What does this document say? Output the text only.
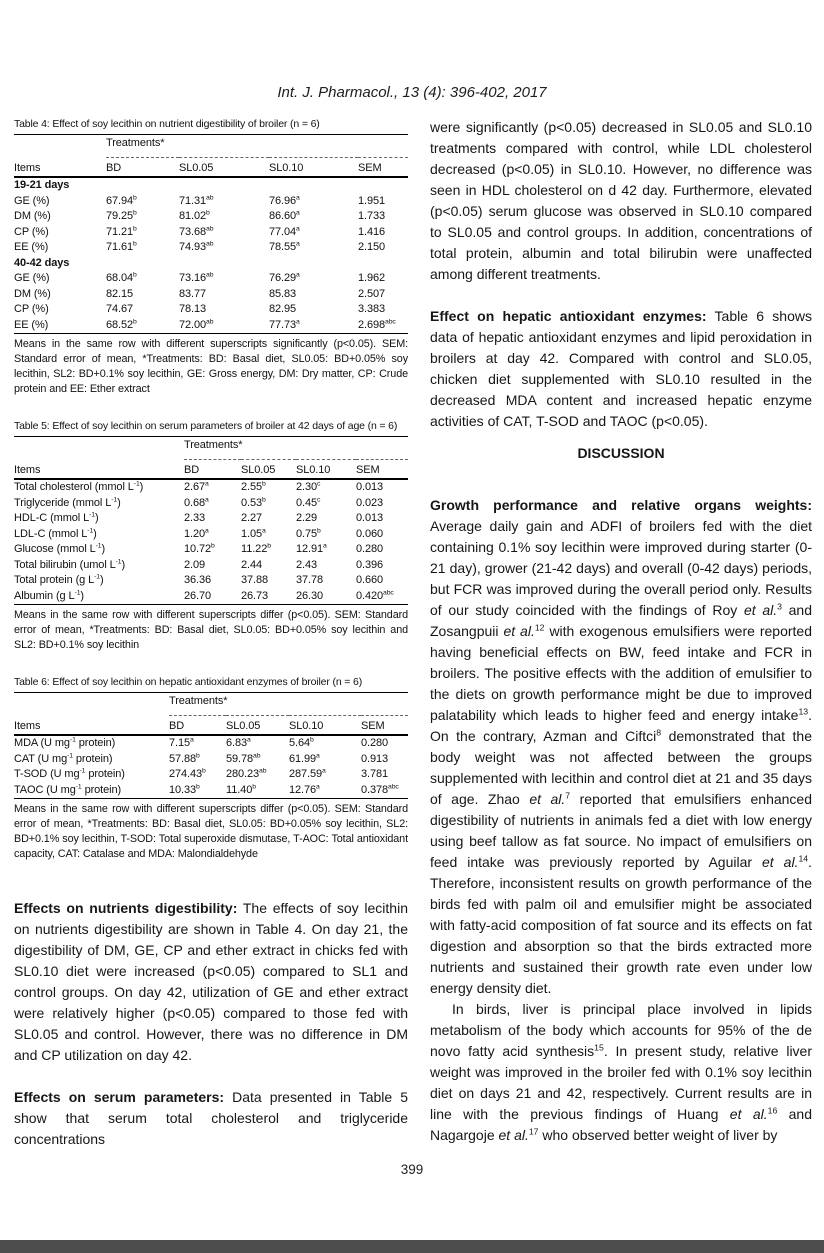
Int. J. Pharmacol., 13 (4): 396-402, 2017
Table 4: Effect of soy lecithin on nutrient digestibility of broiler (n = 6)
	Treatments*			
Items	BD	SL0.05	SL0.10	SEM
19-21 days				
GE (%)	67.94$^b$	71.31$^{ab}$	76.96$^a$	1.951
DM (%)	79.25$^b$	81.02$^b$	86.60$^a$	1.733
CP (%)	71.21$^b$	73.68$^{ab}$	77.04$^a$	1.416
EE (%)	71.61$^b$	74.93$^{ab}$	78.55$^a$	2.150
40-42 days				
GE (%)	68.04$^b$	73.16$^{ab}$	76.29$^a$	1.962
DM (%)	82.15	83.77	85.83	2.507
CP (%)	74.67	78.13	82.95	3.383
EE (%)	68.52$^b$	72.00$^{ab}$	77.73$^a$	2.698$^{abc}$
Means in the same row with different superscripts significantly (p<0.05). SEM: Standard error of mean, *Treatments: BD: Basal diet, SL0.05: BD+0.05% soy lecithin, SL2: BD+0.1% soy lecithin, GE: Gross energy, DM: Dry matter, CP: Crude protein and EE: Ether extract
Table 5: Effect of soy lecithin on serum parameters of broiler at 42 days of age (n = 6)
	Treatments*			
Items	BD	SL0.05	SL0.10	SEM
Total cholesterol (mmol $L^{-1}$)	2.67$^a$	2.55$^b$	2.30$^c$	0.013
Triglyceride (mmol $L^{-1}$)	0.68$^a$	0.53$^b$	0.45$^c$	0.023
HDL-C (mmol $L^{-1}$)	2.33	2.27	2.29	0.013
LDL-C (mmol $L^{-1}$)	1.20$^a$	1.05$^a$	0.75$^b$	0.060
Glucose (mmol $L^{-1}$)	10.72$^b$	11.22$^b$	12.91$^a$	0.280
Total bilirubin (umol $L^{-1}$)	2.09	2.44	2.43	0.396
Total protein (g $L^{-1}$)	36.36	37.88	37.78	0.660
Albumin (g $L^{-1}$)	26.70	26.73	26.30	0.420$^{abc}$
Means in the same row with different superscripts differ (p<0.05). SEM: Standard error of mean, *Treatments: BD: Basal diet, SL0.05: BD+0.05% soy lecithin and SL2: BD+0.1% soy lecithin
Table 6: Effect of soy lecithin on hepatic antioxidant enzymes of broiler (n = 6)
	Treatments*			
Items	BD	SL0.05	SL0.10	SEM
MDA (U $mg^{-1}$ protein)	7.15$^a$	6.83$^a$	5.64$^b$	0.280
CAT (U $mg^{-1}$ protein)	57.88$^b$	59.78$^{ab}$	61.99$^a$	0.913
T-SOD (U $mg^{-1}$ protein)	274.43$^b$	280.23$^{ab}$	287.59$^a$	3.781
TAOC (U $mg^{-1}$ protein)	10.33$^b$	11.40$^b$	12.76$^a$	0.378$^{abc}$
Means in the same row with different superscripts differ (p<0.05). SEM: Standard error of mean, *Treatments: BD: Basal diet, SL0.05: BD+0.05% soy lecithin, SL2: BD+0.1% soy lecithin, T-SOD: Total superoxide dismutase, T-AOC: Total antioxidant capacity, CAT: Catalase and MDA: Malondialdehyde

Effects on nutrients digestibility: The effects of soy lecithin on nutrients digestibility are shown in Table 4. On day 21, the digestibility of DM, GE, CP and ether extract in chicks fed with SL0.10 diet were increased (p<0.05) compared to SL1 and control groups. On day 42, utilization of GE and ether extract were relatively higher (p<0.05) compared to those fed with SL0.05 and control. However, there was no difference in DM and CP utilization on day 42.

Effects on serum parameters: Data presented in Table 5 show that serum total cholesterol and triglyceride concentrations

were significantly (p<0.05) decreased in SL0.05 and SL0.10 treatments compared with control, while LDL cholesterol decreased (p<0.05) in SL0.10. However, no difference was seen in HDL cholesterol on d 42 day. Furthermore, elevated (p<0.05) serum glucose was observed in SL0.10 compared to SL0.05 and control groups. In addition, concentrations of total protein, albumin and total bilirubin were unaffected among different treatments.

Effect on hepatic antioxidant enzymes: Table 6 shows data of hepatic antioxidant enzymes and lipid peroxidation in broilers at day 42. Compared with control and SL0.05, chicken diet supplemented with SL0.10 resulted in the decreased MDA content and increased hepatic enzyme activities of CAT, T-SOD and TAOC (p<0.05).

DISCUSSION

Growth performance and relative organs weights: Average daily gain and ADFI of broilers fed with the diet containing 0.1% soy lecithin were improved during starter (0-21 day), grower (21-42 days) and overall (0-42 days) periods, but FCR was improved during the overall period only. Results of our study coincided with the findings of Roy et al.$^3$ and Zosangpuii et al.$^{12}$ with exogenous emulsifiers were reported having beneficial effects on BW, feed intake and FCR in broilers. The positive effects with the addition of emulsifier to the diets on growth performance might be due to improved palatability which leads to higher feed and energy intake$^{13}$. On the contrary, Azman and Ciftci$^8$ demonstrated that the body weight was not affected between the groups supplemented with lecithin and control diet at 21 and 35 days of age. Zhao et al.$^7$ reported that emulsifiers enhanced digestibility of nutrients in animals fed a diet with low energy using beef tallow as fat source. No impact of emulsifiers on feed intake was previously reported by Aguilar et al.$^{14}$. Therefore, inconsistent results on growth performance of the birds fed with palm oil and emulsifier might be associated with fatty-acid composition of fat source and its effects on fat digestion and absorption so that the birds extracted more nutrients and sustained their growth rate even under low energy density diet.

In birds, liver is principal place involved in lipids metabolism of the body which accounts for 95% of the de novo fatty acid synthesis$^{15}$. In present study, relative liver weight was improved in the broiler fed with 0.1% soy lecithin diet on days 21 and 42, respectively. Current results are in line with the previous findings of Huang et al.$^{16}$ and Nagargoje et al.$^{17}$ who observed better weight of liver by

399
